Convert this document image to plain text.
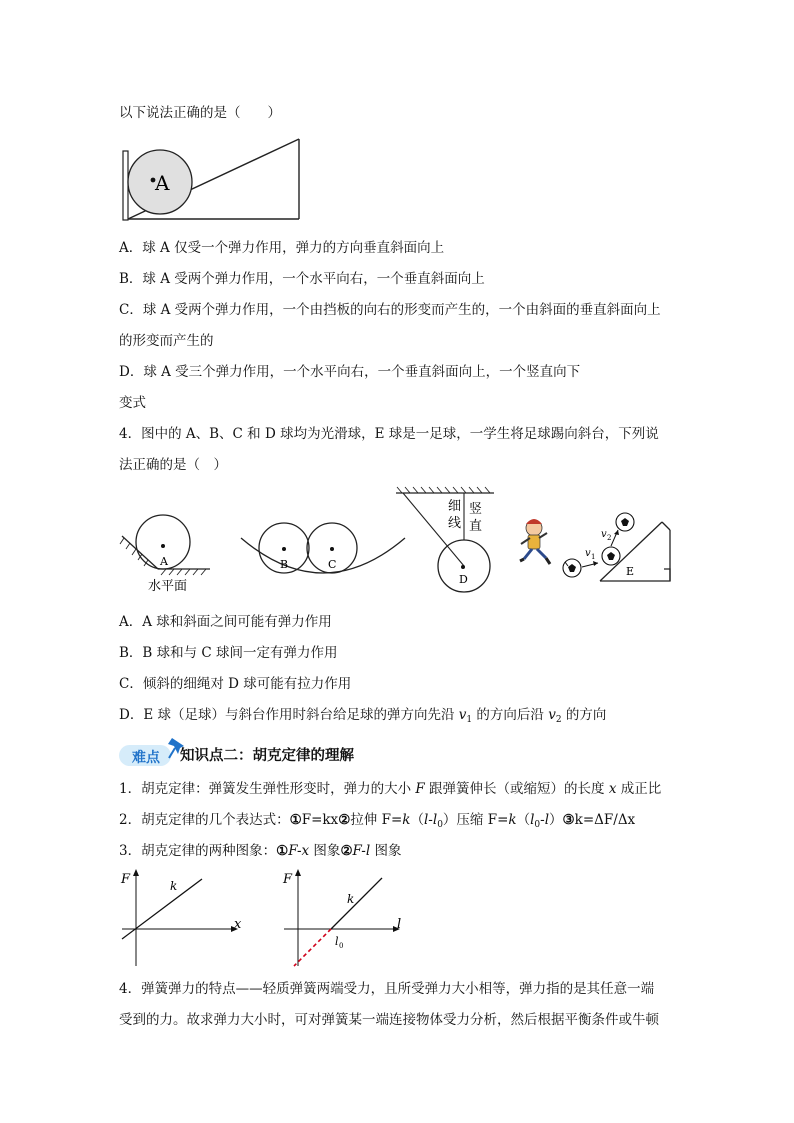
以下说法正确的是（　　）
A
A．球 A 仅受一个弹力作用，弹力的方向垂直斜面向上
B．球 A 受两个弹力作用，一个水平向右，一个垂直斜面向上
C．球 A 受两个弹力作用，一个由挡板的向右的形变而产生的，一个由斜面的垂直斜面向上
的形变而产生的
D．球 A 受三个弹力作用，一个水平向右，一个垂直斜面向上，一个竖直向下
变式
4．图中的 A、B、C 和 D 球均为光滑球，E 球是一足球，一学生将足球踢向斜台，下列说
法正确的是（　）
A
水平面
B	C
D
细
线
竖
直
v 1
v 2
E
A．A 球和斜面之间可能有弹力作用
B．B 球和与 C 球间一定有弹力作用
C．倾斜的细绳对 D 球可能有拉力作用
D．E 球（足球）与斜台作用时斜台给足球的弹方向先沿 $v_1$ 的方向后沿 $v_2$ 的方向
难点 知识点二：胡克定律的理解
1．胡克定律：弹簧发生弹性形变时，弹力的大小 F 跟弹簧伸长（或缩短）的长度 x 成正比
2．胡克定律的几个表达式：①F=kx②拉伸 $F=k(l-l_0)$压缩 $F=k(l_0-l)③k=\Delta F/\Delta x$
3．胡克定律的两种图象：①F-x 图象②F-l 图象
F
x
k	F
l
k
l 0
4．弹簧弹力的特点——轻质弹簧两端受力，且所受弹力大小相等，弹力指的是其任意一端
受到的力。故求弹力大小时，可对弹簧某一端连接物体受力分析，然后根据平衡条件或牛顿
